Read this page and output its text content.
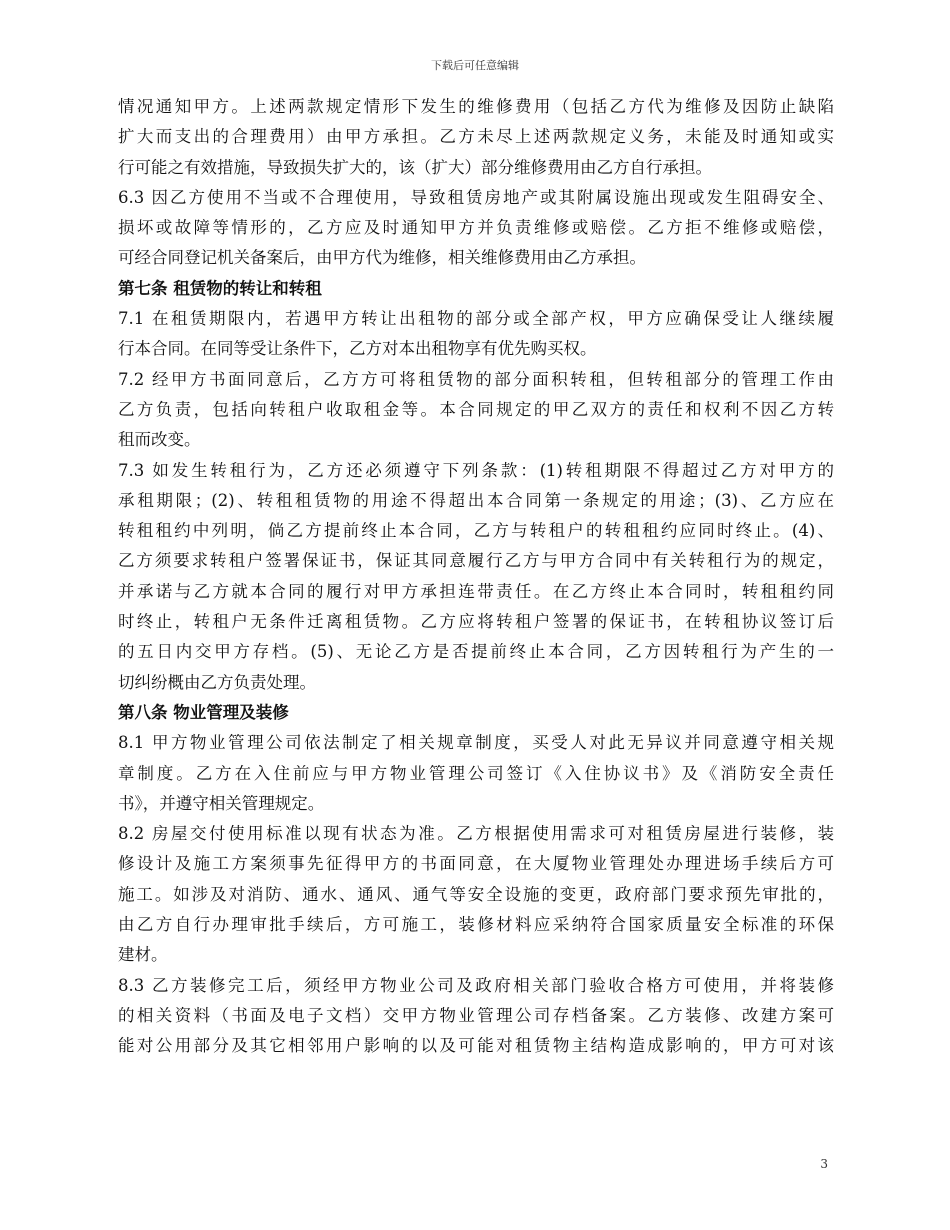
下载后可任意编辑
情况通知甲方。上述两款规定情形下发生的维修费用（包括乙方代为维修及因防止缺陷
扩大而支出的合理费用）由甲方承担。乙方未尽上述两款规定义务，未能及时通知或实
行可能之有效措施，导致损失扩大的，该（扩大）部分维修费用由乙方自行承担。
6.3 因乙方使用不当或不合理使用，导致租赁房地产或其附属设施出现或发生阻碍安全、
损坏或故障等情形的，乙方应及时通知甲方并负责维修或赔偿。乙方拒不维修或赔偿，
可经合同登记机关备案后，由甲方代为维修，相关维修费用由乙方承担。
第七条 租赁物的转让和转租
7.1 在租赁期限内，若遇甲方转让出租物的部分或全部产权，甲方应确保受让人继续履
行本合同。在同等受让条件下，乙方对本出租物享有优先购买权。
7.2 经甲方书面同意后，乙方方可将租赁物的部分面积转租，但转租部分的管理工作由
乙方负责，包括向转租户收取租金等。本合同规定的甲乙双方的责任和权利不因乙方转
租而改变。
7.3 如发生转租行为，乙方还必须遵守下列条款：(1)转租期限不得超过乙方对甲方的
承租期限；(2)、转租租赁物的用途不得超出本合同第一条规定的用途；(3)、乙方应在
转租租约中列明，倘乙方提前终止本合同，乙方与转租户的转租租约应同时终止。(4)、
乙方须要求转租户签署保证书，保证其同意履行乙方与甲方合同中有关转租行为的规定，
并承诺与乙方就本合同的履行对甲方承担连带责任。在乙方终止本合同时，转租租约同
时终止，转租户无条件迁离租赁物。乙方应将转租户签署的保证书，在转租协议签订后
的五日内交甲方存档。(5)、无论乙方是否提前终止本合同，乙方因转租行为产生的一
切纠纷概由乙方负责处理。
第八条 物业管理及装修
8.1 甲方物业管理公司依法制定了相关规章制度，买受人对此无异议并同意遵守相关规
章制度。乙方在入住前应与甲方物业管理公司签订《入住协议书》及《消防安全责任
书》，并遵守相关管理规定。
8.2 房屋交付使用标准以现有状态为准。乙方根据使用需求可对租赁房屋进行装修，装
修设计及施工方案须事先征得甲方的书面同意，在大厦物业管理处办理进场手续后方可
施工。如涉及对消防、通水、通风、通气等安全设施的变更，政府部门要求预先审批的，
由乙方自行办理审批手续后，方可施工，装修材料应采纳符合国家质量安全标准的环保
建材。
8.3 乙方装修完工后，须经甲方物业公司及政府相关部门验收合格方可使用，并将装修
的相关资料（书面及电子文档）交甲方物业管理公司存档备案。乙方装修、改建方案可
能对公用部分及其它相邻用户影响的以及可能对租赁物主结构造成影响的，甲方可对该
3
